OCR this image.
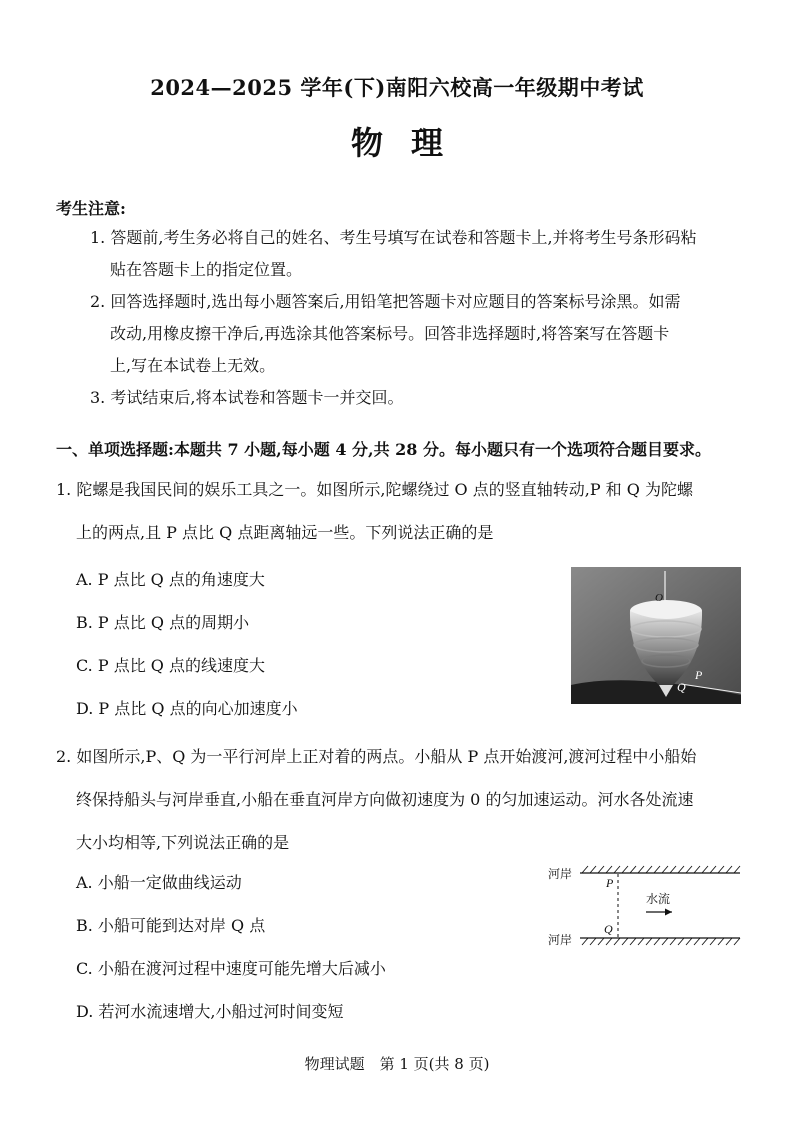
2024—2025 学年(下)南阳六校高一年级期中考试
物理
考生注意:
1. 答题前,考生务必将自己的姓名、考生号填写在试卷和答题卡上,并将考生号条形码粘
贴在答题卡上的指定位置。
2. 回答选择题时,选出每小题答案后,用铅笔把答题卡对应题目的答案标号涂黑。如需
改动,用橡皮擦干净后,再选涂其他答案标号。回答非选择题时,将答案写在答题卡
上,写在本试卷上无效。
3. 考试结束后,将本试卷和答题卡一并交回。
一、单项选择题:本题共 7 小题,每小题 4 分,共 28 分。每小题只有一个选项符合题目要求。
1. 陀螺是我国民间的娱乐工具之一。如图所示,陀螺绕过 O 点的竖直轴转动,P 和 Q 为陀螺
上的两点,且 P 点比 Q 点距离轴远一些。下列说法正确的是
A. P 点比 Q 点的角速度大
B. P 点比 Q 点的周期小
C. P 点比 Q 点的线速度大
D. P 点比 Q 点的向心加速度小
O
P
Q
2. 如图所示,P、Q 为一平行河岸上正对着的两点。小船从 P 点开始渡河,渡河过程中小船始
终保持船头与河岸垂直,小船在垂直河岸方向做初速度为 0 的匀加速运动。河水各处流速
大小均相等,下列说法正确的是
A. 小船一定做曲线运动
B. 小船可能到达对岸 Q 点
C. 小船在渡河过程中速度可能先增大后减小
D. 若河水流速增大,小船过河时间变短
河岸
河岸
P
Q
水流
物理试题　第 1 页(共 8 页)
